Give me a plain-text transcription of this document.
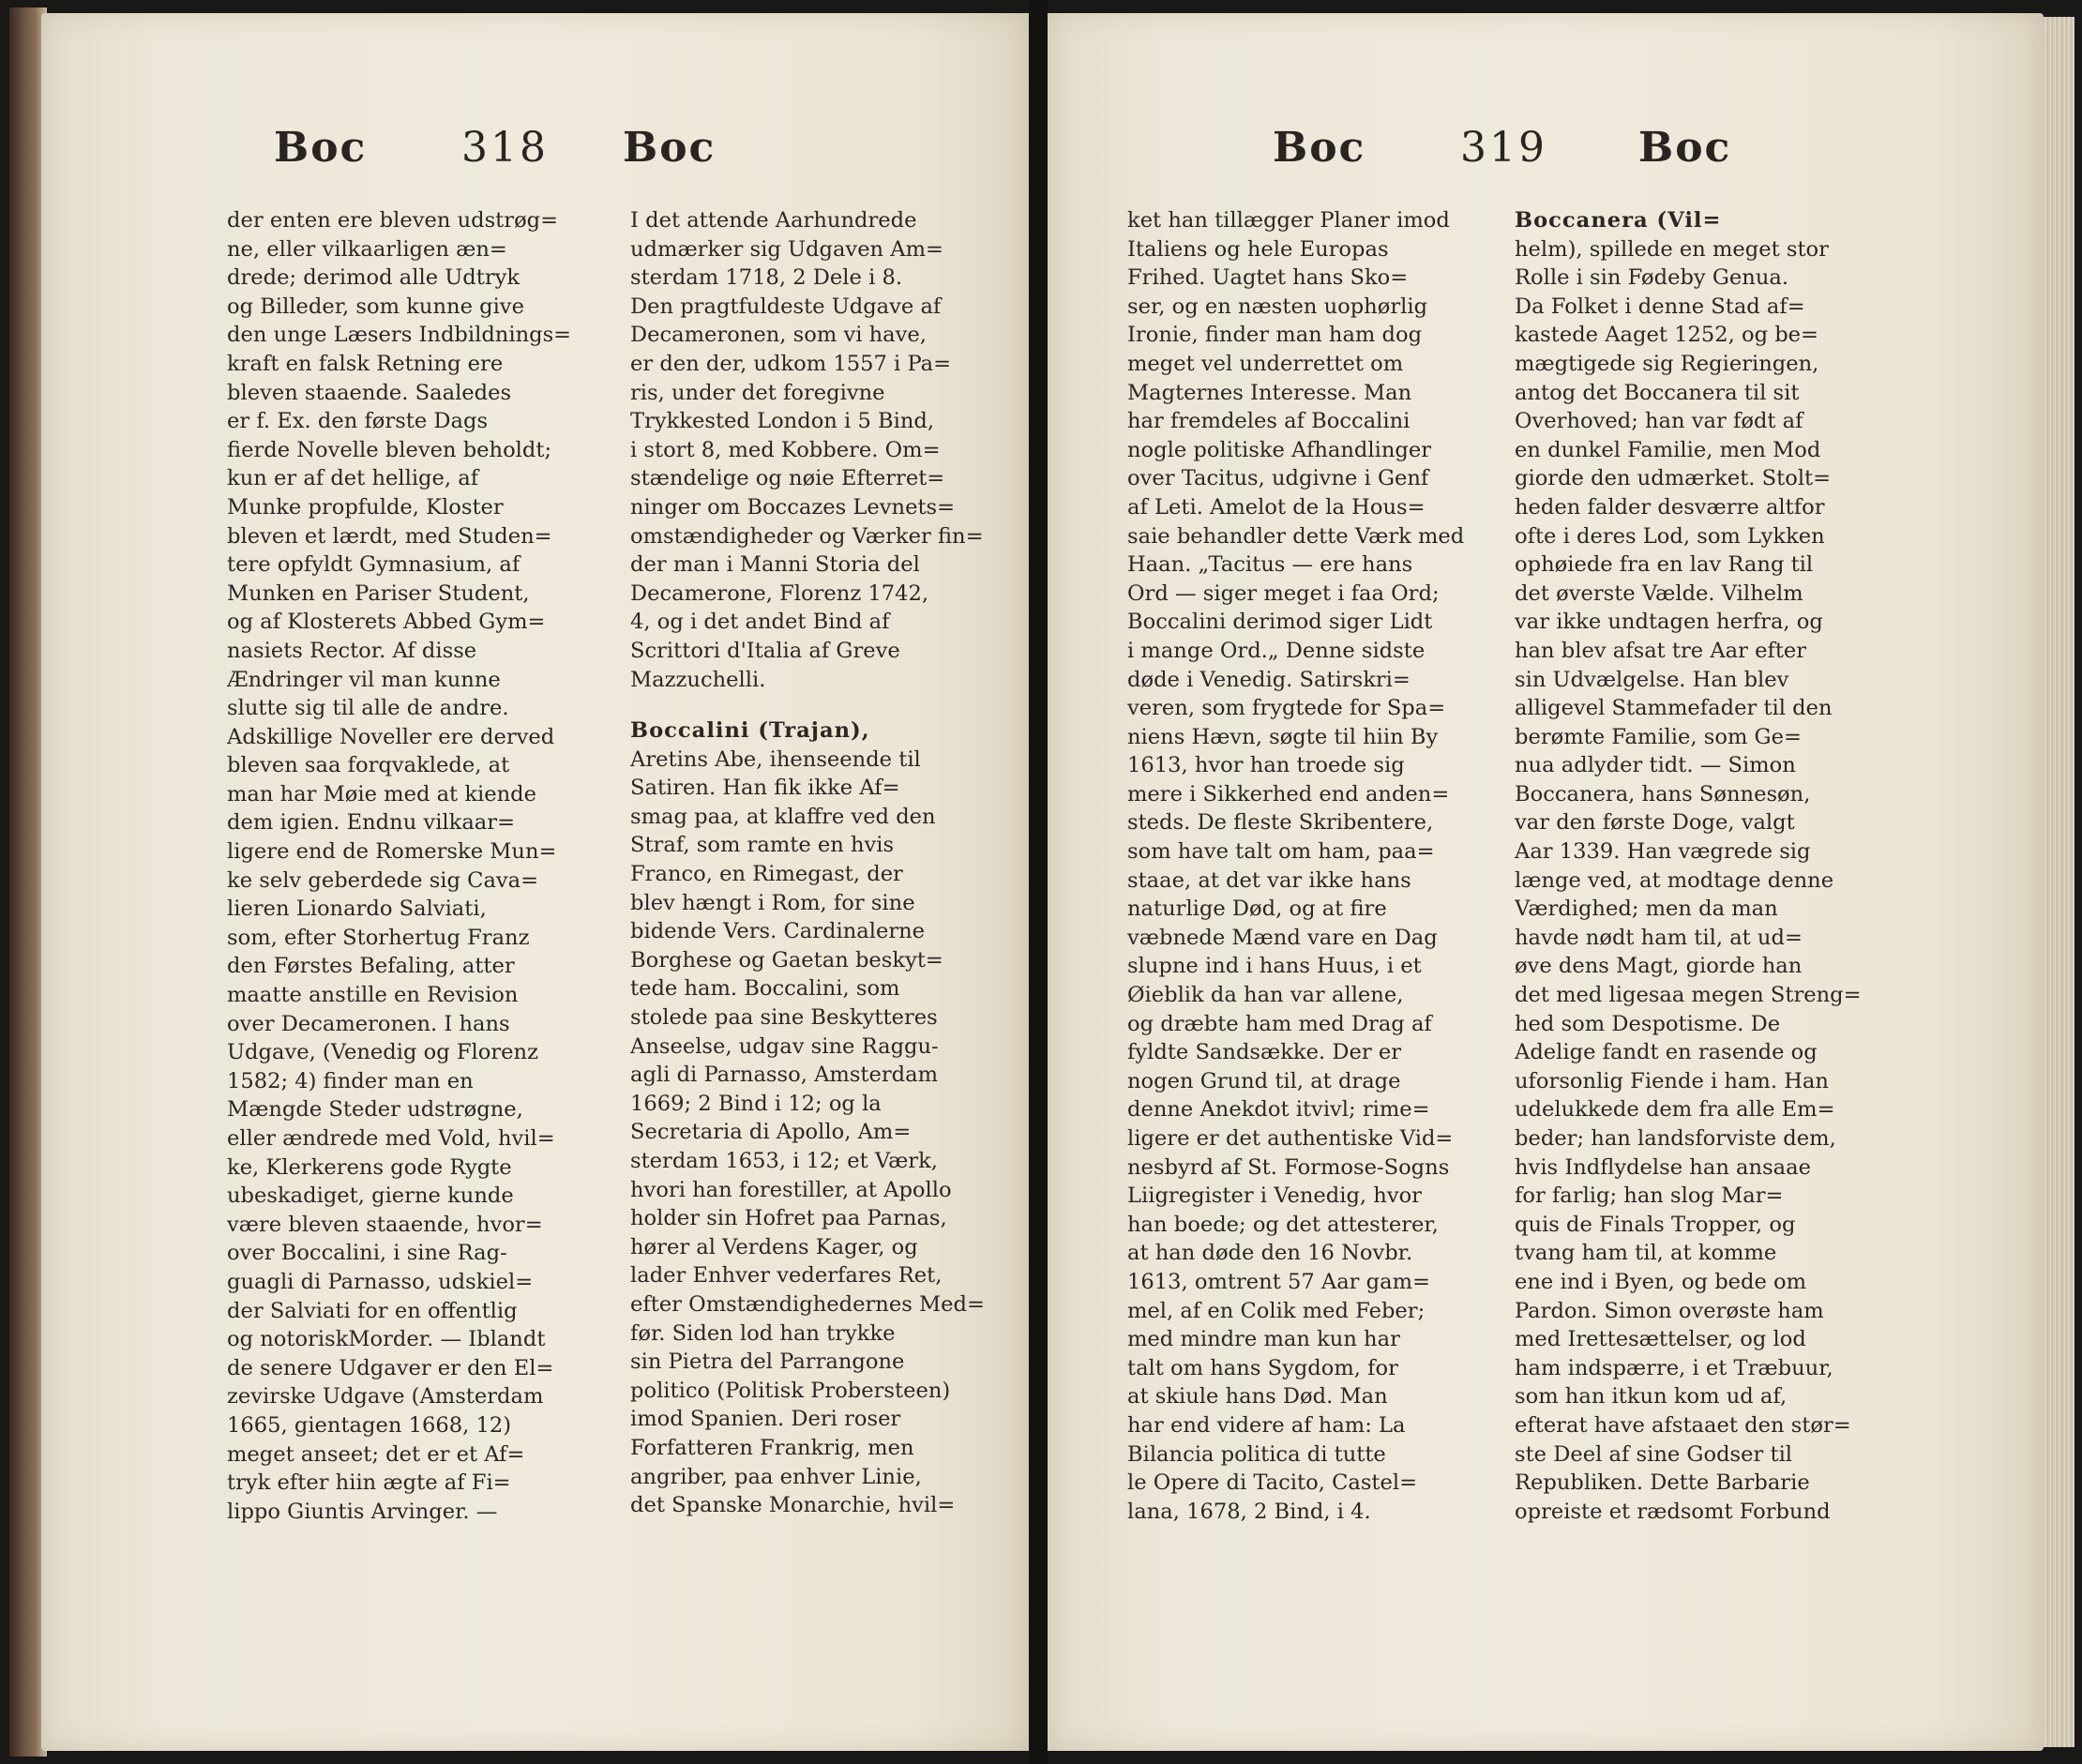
Boc 318 Boc
der enten ere bleven udstrøg=
ne, eller vilkaarligen æn=
drede; derimod alle Udtryk
og Billeder, som kunne give
den unge Læsers Indbildnings=
kraft en falsk Retning ere
bleven staaende. Saaledes
er f. Ex. den første Dags
fierde Novelle bleven beholdt;
kun er af det hellige, af
Munke propfulde, Kloster
bleven et lærdt, med Studen=
tere opfyldt Gymnasium, af
Munken en Pariser Student,
og af Klosterets Abbed Gym=
nasiets Rector. Af disse
Ændringer vil man kunne
slutte sig til alle de andre.
Adskillige Noveller ere derved
bleven saa forqvaklede, at
man har Møie med at kiende
dem igien. Endnu vilkaar=
ligere end de Romerske Mun=
ke selv geberdede sig Cava=
lieren Lionardo Salviati,
som, efter Storhertug Franz
den Førstes Befaling, atter
maatte anstille en Revision
over Decameronen. I hans
Udgave, (Venedig og Florenz
1582; 4) finder man en
Mængde Steder udstrøgne,
eller ændrede med Vold, hvil=
ke, Klerkerens gode Rygte
ubeskadiget, gierne kunde
være bleven staaende, hvor=
over Boccalini, i sine Rag-
guagli di Parnasso, udskiel=
der Salviati for en offentlig
og notoriskMorder. — Iblandt
de senere Udgaver er den El=
zevirske Udgave (Amsterdam
1665, gientagen 1668, 12)
meget anseet; det er et Af=
tryk efter hiin ægte af Fi=
lippo Giuntis Arvinger. —
I det attende Aarhundrede
udmærker sig Udgaven Am=
sterdam 1718, 2 Dele i 8.
Den pragtfuldeste Udgave af
Decameronen, som vi have,
er den der, udkom 1557 i Pa=
ris, under det foregivne
Trykkested London i 5 Bind,
i stort 8, med Kobbere. Om=
stændelige og nøie Efterret=
ninger om Boccazes Levnets=
omstændigheder og Værker fin=
der man i Manni Storia del
Decamerone, Florenz 1742,
4, og i det andet Bind af
Scrittori d'Italia af Greve
Mazzuchelli.
Boccalini (Trajan),
Aretins Abe, ihenseende til
Satiren. Han fik ikke Af=
smag paa, at klaffre ved den
Straf, som ramte en hvis
Franco, en Rimegast, der
blev hængt i Rom, for sine
bidende Vers. Cardinalerne
Borghese og Gaetan beskyt=
tede ham. Boccalini, som
stolede paa sine Beskytteres
Anseelse, udgav sine Raggu-
agli di Parnasso, Amsterdam
1669; 2 Bind i 12; og la
Secretaria di Apollo, Am=
sterdam 1653, i 12; et Værk,
hvori han forestiller, at Apollo
holder sin Hofret paa Parnas,
hører al Verdens Kager, og
lader Enhver vederfares Ret,
efter Omstændighedernes Med=
før. Siden lod han trykke
sin Pietra del Parrangone
politico (Politisk Probersteen)
imod Spanien. Deri roser
Forfatteren Frankrig, men
angriber, paa enhver Linie,
det Spanske Monarchie, hvil=
Boc 319 Boc
ket han tillægger Planer imod
Italiens og hele Europas
Frihed. Uagtet hans Sko=
ser, og en næsten uophørlig
Ironie, finder man ham dog
meget vel underrettet om
Magternes Interesse. Man
har fremdeles af Boccalini
nogle politiske Afhandlinger
over Tacitus, udgivne i Genf
af Leti. Amelot de la Hous=
saie behandler dette Værk med
Haan. „Tacitus — ere hans
Ord — siger meget i faa Ord;
Boccalini derimod siger Lidt
i mange Ord.„ Denne sidste
døde i Venedig. Satirskri=
veren, som frygtede for Spa=
niens Hævn, søgte til hiin By
1613, hvor han troede sig
mere i Sikkerhed end anden=
steds. De fleste Skribentere,
som have talt om ham, paa=
staae, at det var ikke hans
naturlige Død, og at fire
væbnede Mænd vare en Dag
slupne ind i hans Huus, i et
Øieblik da han var allene,
og dræbte ham med Drag af
fyldte Sandsække. Der er
nogen Grund til, at drage
denne Anekdot itvivl; rime=
ligere er det authentiske Vid=
nesbyrd af St. Formose-Sogns
Liigregister i Venedig, hvor
han boede; og det attesterer,
at han døde den 16 Novbr.
1613, omtrent 57 Aar gam=
mel, af en Colik med Feber;
med mindre man kun har
talt om hans Sygdom, for
at skiule hans Død. Man
har end videre af ham: La
Bilancia politica di tutte
le Opere di Tacito, Castel=
lana, 1678, 2 Bind, i 4.
Boccanera (Vil=
helm), spillede en meget stor
Rolle i sin Fødeby Genua.
Da Folket i denne Stad af=
kastede Aaget 1252, og be=
mægtigede sig Regieringen,
antog det Boccanera til sit
Overhoved; han var født af
en dunkel Familie, men Mod
giorde den udmærket. Stolt=
heden falder desværre altfor
ofte i deres Lod, som Lykken
ophøiede fra en lav Rang til
det øverste Vælde. Vilhelm
var ikke undtagen herfra, og
han blev afsat tre Aar efter
sin Udvælgelse. Han blev
alligevel Stammefader til den
berømte Familie, som Ge=
nua adlyder tidt. — Simon
Boccanera, hans Sønnesøn,
var den første Doge, valgt
Aar 1339. Han vægrede sig
længe ved, at modtage denne
Værdighed; men da man
havde nødt ham til, at ud=
øve dens Magt, giorde han
det med ligesaa megen Streng=
hed som Despotisme. De
Adelige fandt en rasende og
uforsonlig Fiende i ham. Han
udelukkede dem fra alle Em=
beder; han landsforviste dem,
hvis Indflydelse han ansaae
for farlig; han slog Mar=
quis de Finals Tropper, og
tvang ham til, at komme
ene ind i Byen, og bede om
Pardon. Simon overøste ham
med Irettesættelser, og lod
ham indspærre, i et Træbuur,
som han itkun kom ud af,
efterat have afstaaet den stør=
ste Deel af sine Godser til
Republiken. Dette Barbarie
opreiste et rædsomt Forbund
